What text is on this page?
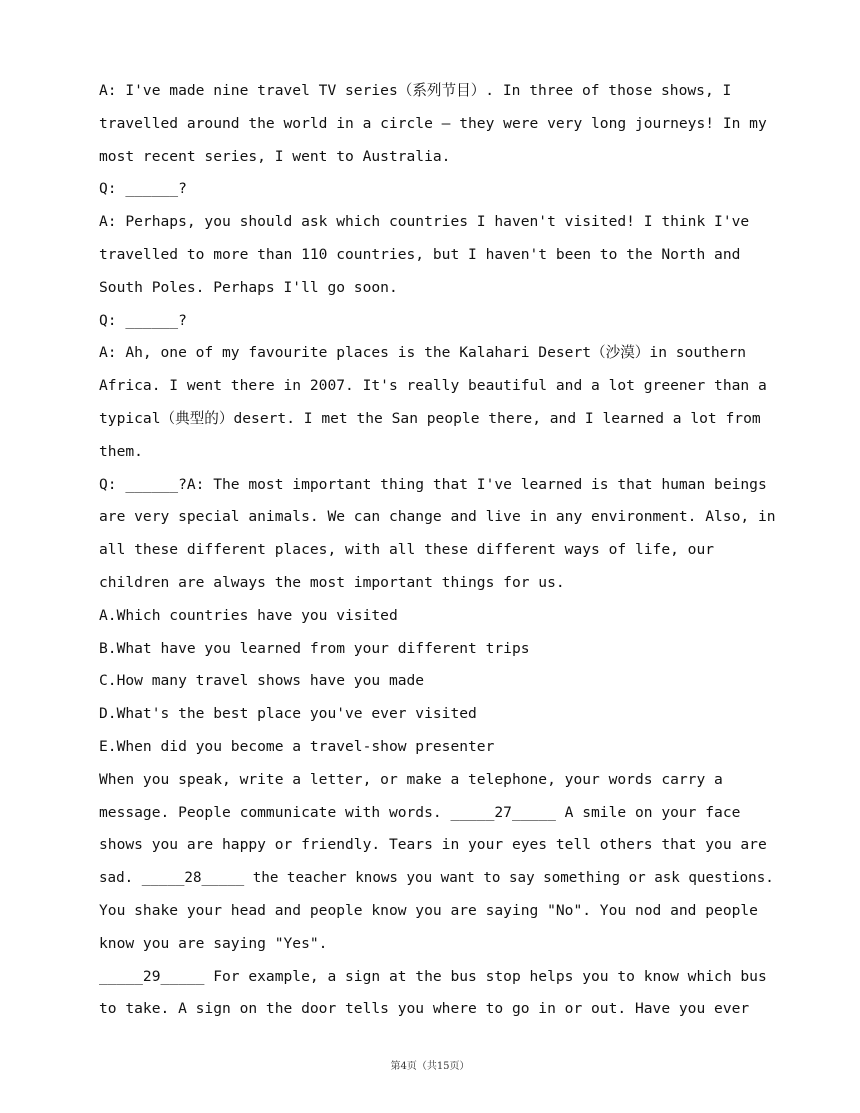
A: I've made nine travel TV series（系列节目）. In three of those shows, I
travelled around the world in a circle — they were very long journeys! In my
most recent series, I went to Australia.
Q: ______?
A: Perhaps, you should ask which countries I haven't visited! I think I've
travelled to more than 110 countries, but I haven't been to the North and
South Poles. Perhaps I'll go soon.
Q: ______?
A: Ah, one of my favourite places is the Kalahari Desert（沙漠）in southern
Africa. I went there in 2007. It's really beautiful and a lot greener than a
typical（典型的）desert. I met the San people there, and I learned a lot from
them.
Q: ______?A: The most important thing that I've learned is that human beings
are very special animals. We can change and live in any environment. Also, in
all these different places, with all these different ways of life, our
children are always the most important things for us.
A.Which countries have you visited
B.What have you learned from your different trips
C.How many travel shows have you made
D.What's the best place you've ever visited
E.When did you become a travel-show presenter
When you speak, write a letter, or make a telephone, your words carry a
message. People communicate with words. _____27_____ A smile on your face
shows you are happy or friendly. Tears in your eyes tell others that you are
sad. _____28_____ the teacher knows you want to say something or ask questions.
You shake your head and people know you are saying "No". You nod and people
know you are saying "Yes".
_____29_____ For example, a sign at the bus stop helps you to know which bus
to take. A sign on the door tells you where to go in or out. Have you ever
第4页（共15页）
